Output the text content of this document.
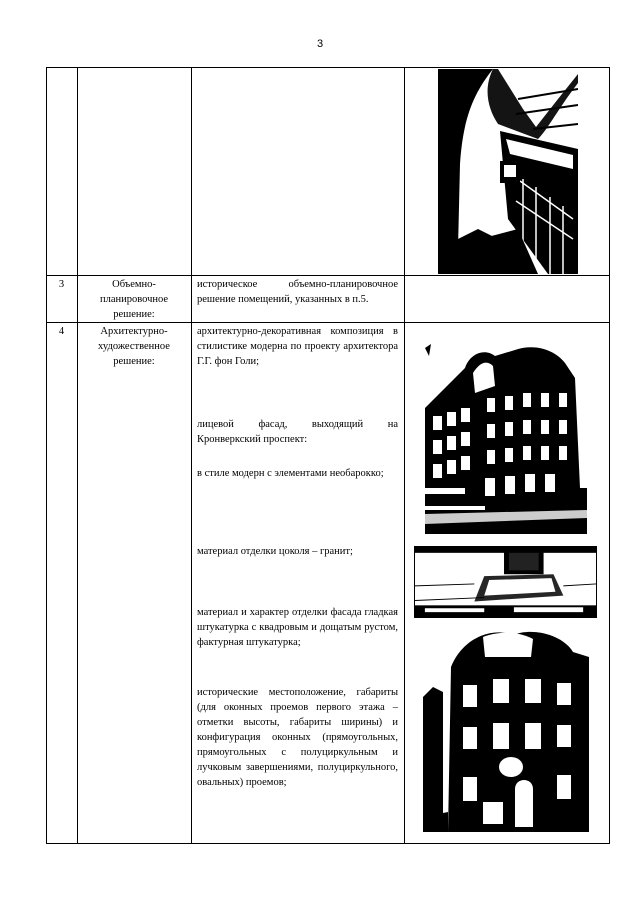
3
3	Объемно-планировочное решение:
историческое объемно-планировочное решение помещений, указанных в п.5.
4	Архитектурно-художественное решение:
архитектурно-декоративная композиция в стилистике модерна по проекту архитектора Г.Г. фон Голи;
лицевой фасад, выходящий на Кронверкский проспект:
в стиле модерн с элементами необарокко;
материал отделки цоколя – гранит;
материал и характер отделки фасада гладкая штукатурка с квадровым и дощатым рустом, фактурная штукатурка;
исторические местоположение, габариты (для оконных проемов первого этажа – отметки высоты, габариты ширины) и конфигурация оконных (прямоугольных, прямоугольных с полуциркульным и лучковым завершениями, полуциркульного, овальных) проемов;
